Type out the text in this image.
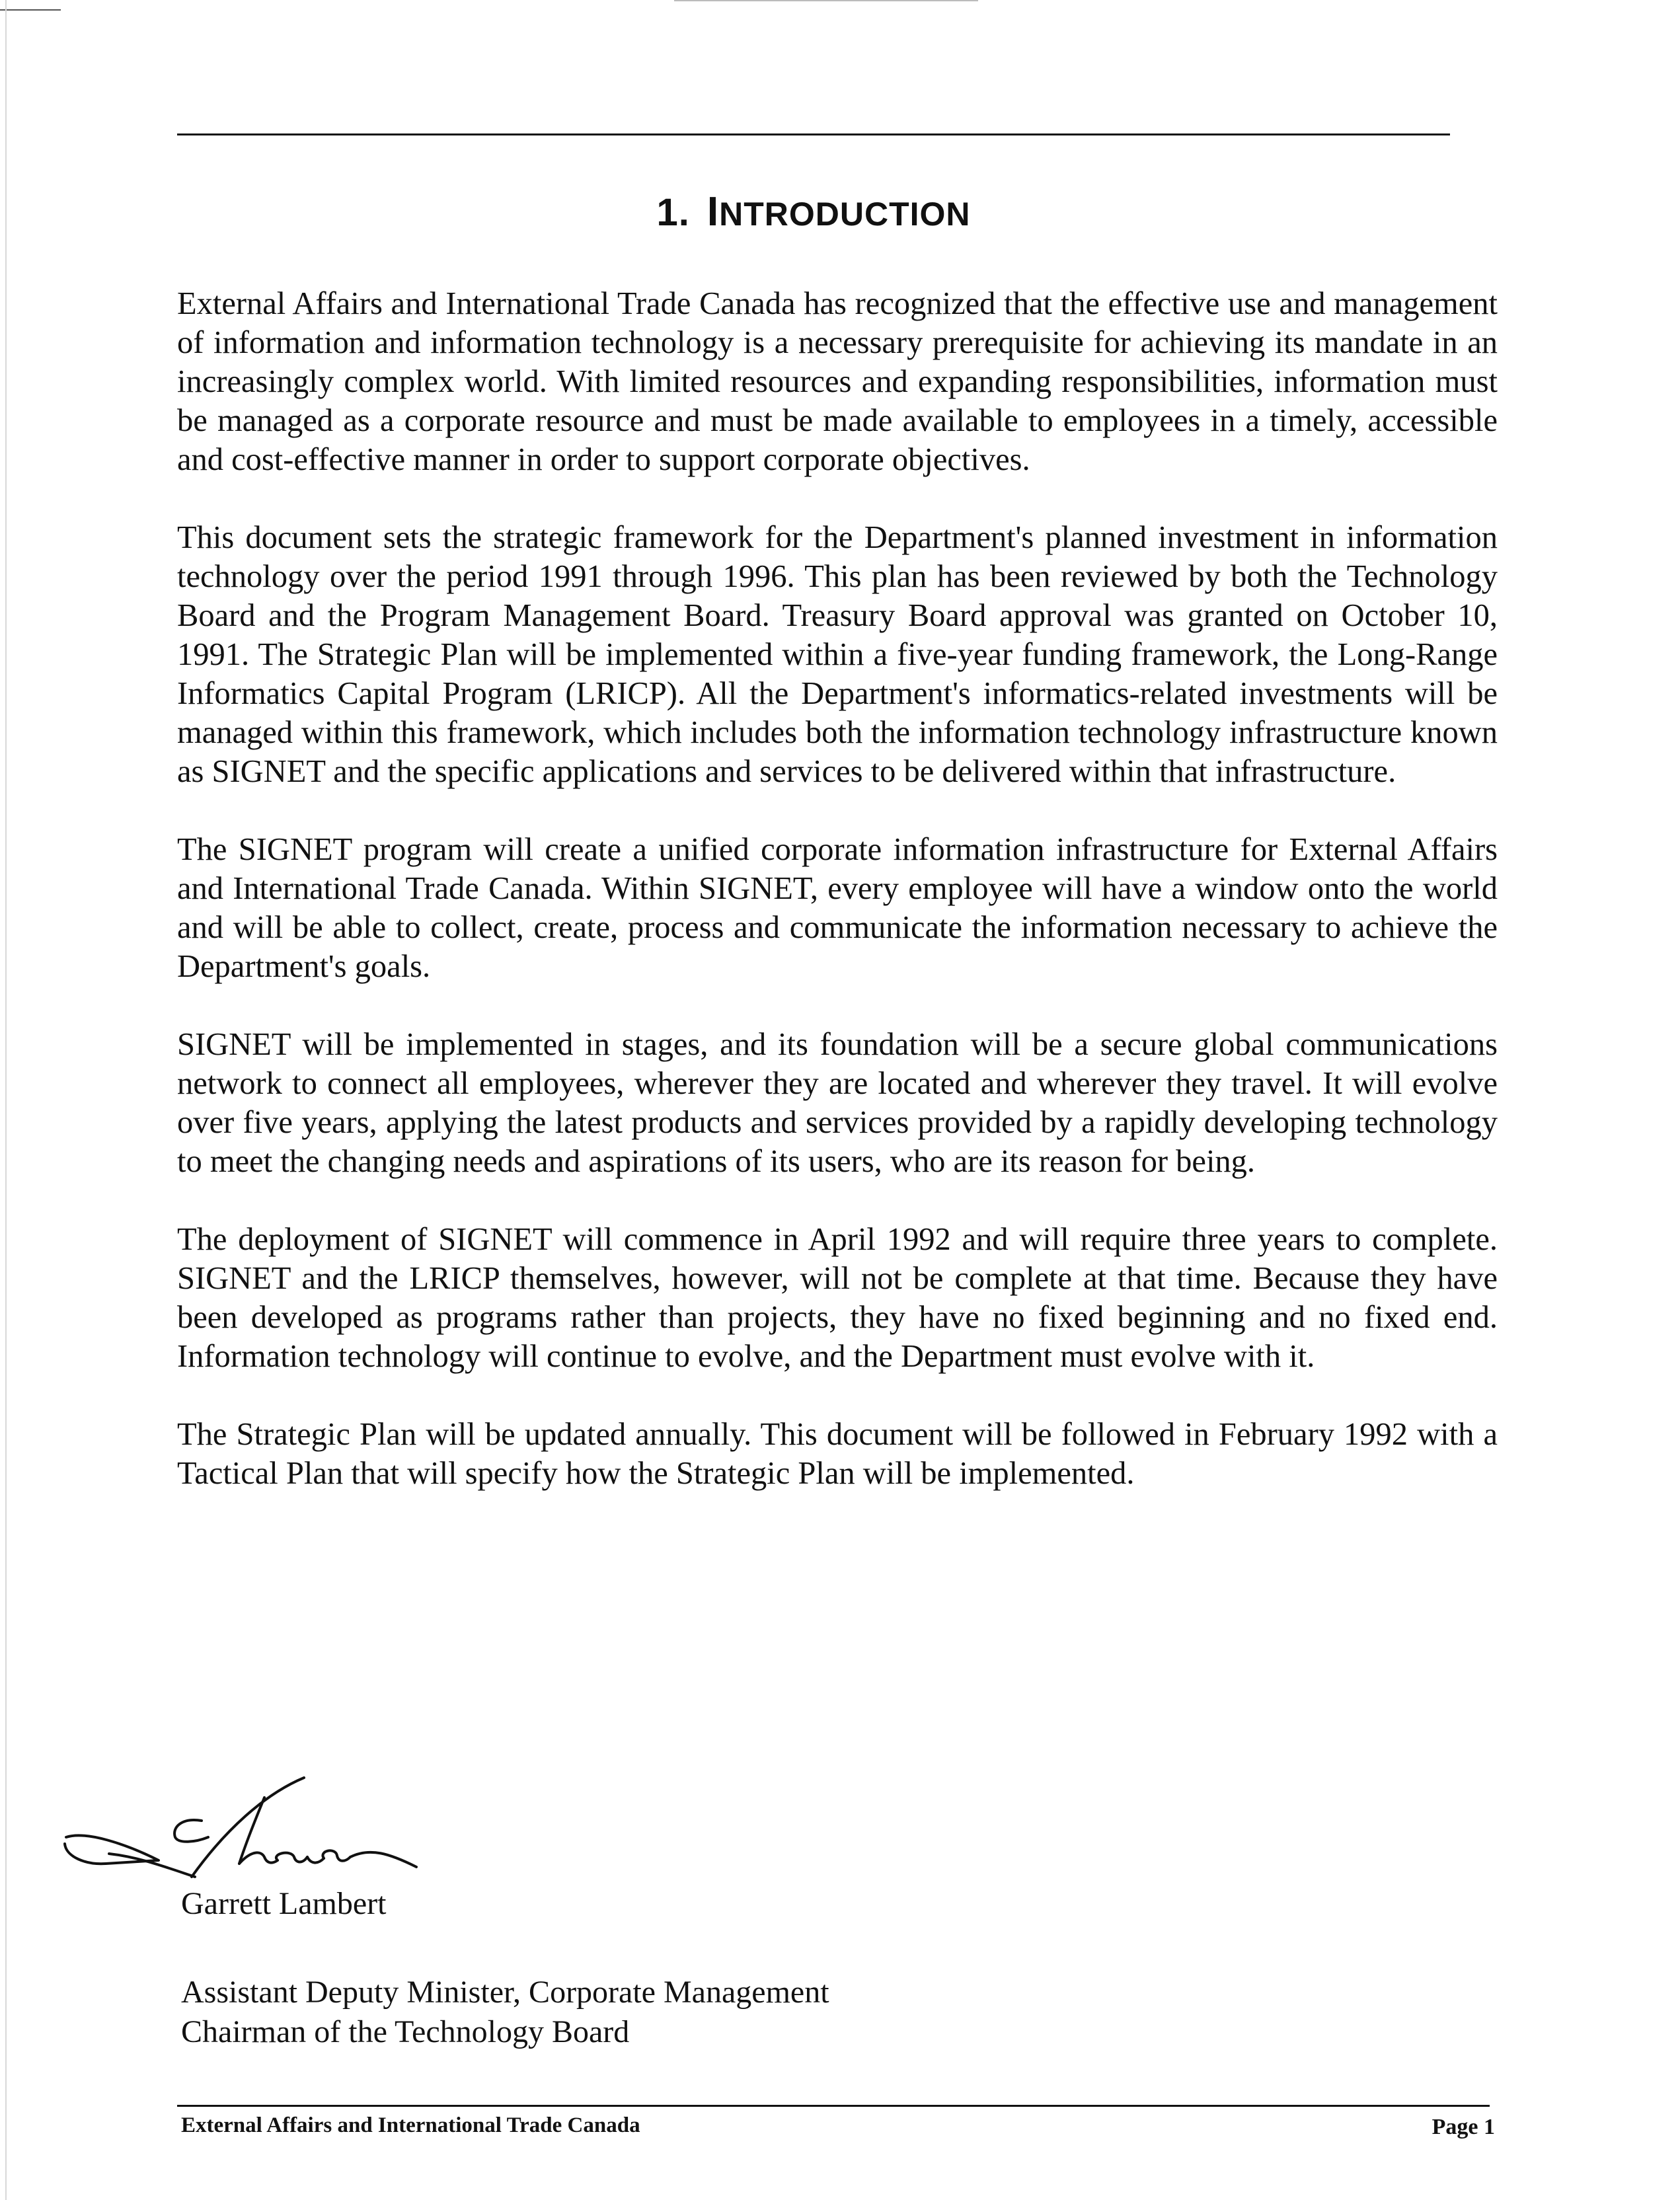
1. INTRODUCTION

External Affairs and International Trade Canada has recognized that the effective use and management of information and information technology is a necessary prerequisite for achieving its mandate in an increasingly complex world. With limited resources and expanding responsibilities, information must be managed as a corporate resource and must be made available to employees in a timely, accessible and cost-effective manner in order to support corporate objectives.

This document sets the strategic framework for the Department's planned investment in information technology over the period 1991 through 1996. This plan has been reviewed by both the Technology Board and the Program Management Board. Treasury Board approval was granted on October 10, 1991. The Strategic Plan will be implemented within a five-year funding framework, the Long-Range Informatics Capital Program (LRICP). All the Department's informatics-related investments will be managed within this framework, which includes both the information technology infrastructure known as SIGNET and the specific applications and services to be delivered within that infrastructure.

The SIGNET program will create a unified corporate information infrastructure for External Affairs and International Trade Canada. Within SIGNET, every employee will have a window onto the world and will be able to collect, create, process and communicate the information necessary to achieve the Department's goals.

SIGNET will be implemented in stages, and its foundation will be a secure global communications network to connect all employees, wherever they are located and wherever they travel. It will evolve over five years, applying the latest products and services provided by a rapidly developing technology to meet the changing needs and aspirations of its users, who are its reason for being.

The deployment of SIGNET will commence in April 1992 and will require three years to complete. SIGNET and the LRICP themselves, however, will not be complete at that time. Because they have been developed as programs rather than projects, they have no fixed beginning and no fixed end. Information technology will continue to evolve, and the Department must evolve with it.

The Strategic Plan will be updated annually. This document will be followed in February 1992 with a Tactical Plan that will specify how the Strategic Plan will be implemented.

Garrett Lambert
Assistant Deputy Minister, Corporate Management
Chairman of the Technology Board
External Affairs and International Trade Canada	Page 1
